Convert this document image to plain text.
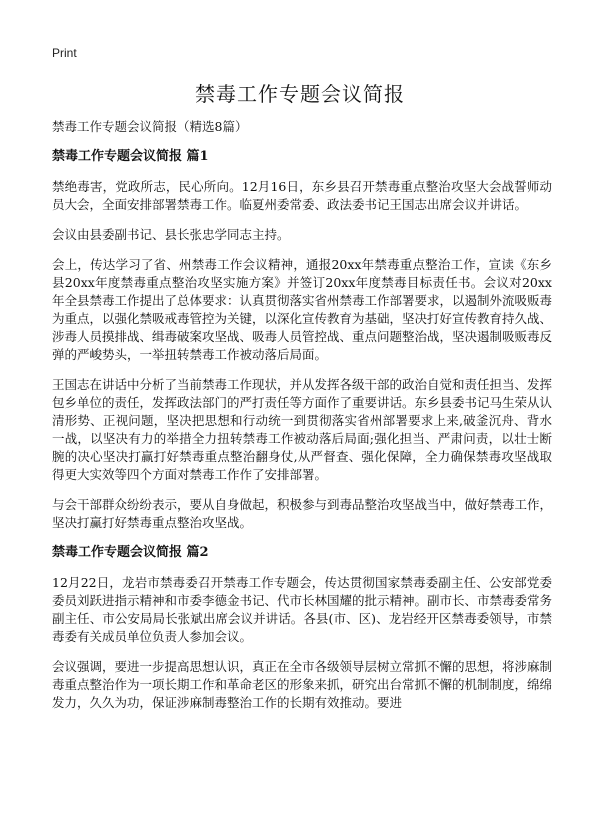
Print
禁毒工作专题会议简报

禁毒工作专题会议简报（精选8篇）

禁毒工作专题会议简报 篇1

禁绝毒害，党政所志，民心所向。12月16日，东乡县召开禁毒重点整治攻坚大会战誓师动员大会，全面安排部署禁毒工作。临夏州委常委、政法委书记王国志出席会议并讲话。

会议由县委副书记、县长张忠学同志主持。

会上，传达学习了省、州禁毒工作会议精神，通报20xx年禁毒重点整治工作，宣读《东乡县20xx年度禁毒重点整治攻坚实施方案》并签订20xx年度禁毒目标责任书。会议对20xx年全县禁毒工作提出了总体要求：认真贯彻落实省州禁毒工作部署要求，以遏制外流吸贩毒为重点，以强化禁吸戒毒管控为关键，以深化宣传教育为基础，坚决打好宣传教育持久战、涉毒人员摸排战、缉毒破案攻坚战、吸毒人员管控战、重点问题整治战，坚决遏制吸贩毒反弹的严峻势头，一举扭转禁毒工作被动落后局面。

王国志在讲话中分析了当前禁毒工作现状，并从发挥各级干部的政治自觉和责任担当、发挥包乡单位的责任，发挥政法部门的严打责任等方面作了重要讲话。东乡县委书记马生荣从认清形势、正视问题，坚决把思想和行动统一到贯彻落实省州部署要求上来,破釜沉舟、背水一战，以坚决有力的举措全力扭转禁毒工作被动落后局面;强化担当、严肃问责，以壮士断腕的决心坚决打赢打好禁毒重点整治翻身仗,从严督查、强化保障，全力确保禁毒攻坚战取得更大实效等四个方面对禁毒工作作了安排部署。

与会干部群众纷纷表示，要从自身做起，积极参与到毒品整治攻坚战当中，做好禁毒工作，坚决打赢打好禁毒重点整治攻坚战。

禁毒工作专题会议简报 篇2

12月22日，龙岩市禁毒委召开禁毒工作专题会，传达贯彻国家禁毒委副主任、公安部党委委员刘跃进指示精神和市委李德金书记、代市长林国耀的批示精神。副市长、市禁毒委常务副主任、市公安局局长张斌出席会议并讲话。各县(市、区)、龙岩经开区禁毒委领导，市禁毒委有关成员单位负责人参加会议。

会议强调，要进一步提高思想认识，真正在全市各级领导层树立常抓不懈的思想，将涉麻制毒重点整治作为一项长期工作和革命老区的形象来抓，研究出台常抓不懈的机制制度，绵绵发力，久久为功，保证涉麻制毒整治工作的长期有效推动。要进
